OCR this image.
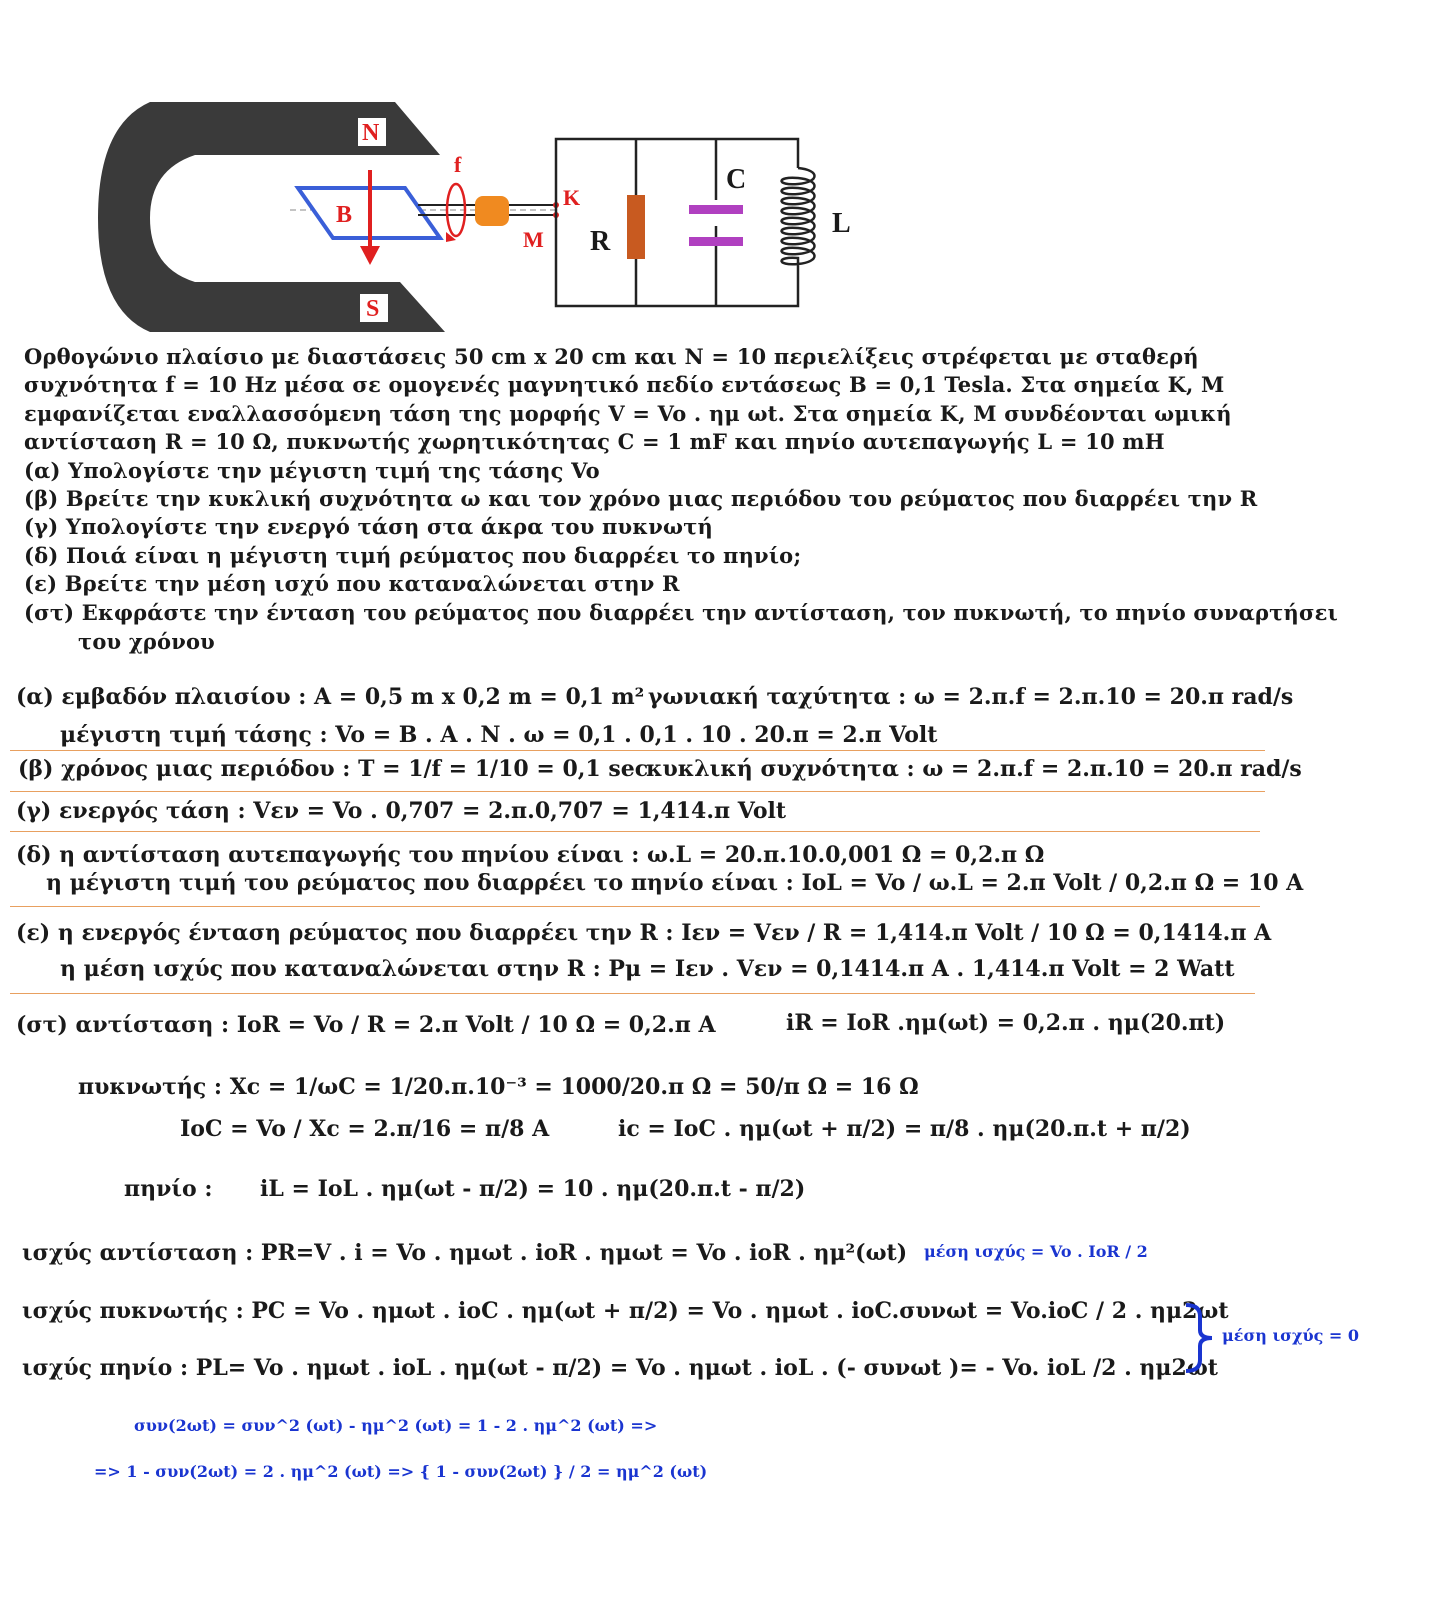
N
S
B
f
K
M R
C
L
Ορθογώνιο πλαίσιο με διαστάσεις 50 cm x 20 cm και N = 10 περιελίξεις στρέφεται με σταθερή
συχνότητα f = 10 Hz μέσα σε ομογενές μαγνητικό πεδίο εντάσεως B = 0,1 Tesla. Στα σημεία K, M
εμφανίζεται εναλλασσόμενη τάση της μορφής V = Vo . ημ ωt. Στα σημεία K, M συνδέονται ωμική
αντίσταση R = 10 Ω, πυκνωτής χωρητικότητας C = 1 mF και πηνίο αυτεπαγωγής L = 10 mH
(α) Υπολογίστε την μέγιστη τιμή της τάσης Vo
(β) Βρείτε την κυκλική συχνότητα ω και τον χρόνο μιας περιόδου του ρεύματος που διαρρέει την R
(γ) Υπολογίστε την ενεργό τάση στα άκρα του πυκνωτή
(δ) Ποιά είναι η μέγιστη τιμή ρεύματος που διαρρέει το πηνίο;
(ε) Βρείτε την μέση ισχύ που καταναλώνεται στην R
(στ) Εκφράστε την ένταση του ρεύματος που διαρρέει την αντίσταση, τον πυκνωτή, το πηνίο συναρτήσει
του χρόνου
(α) εμβαδόν πλαισίου : A = 0,5 m x 0,2 m = 0,1 m² γωνιακή ταχύτητα : ω = 2.π.f = 2.π.10 = 20.π rad/s
μέγιστη τιμή τάσης : Vo = B . A . N . ω = 0,1 . 0,1 . 10 . 20.π = 2.π Volt
(β) χρόνος μιας περιόδου : T = 1/f = 1/10 = 0,1 sec
κυκλική συχνότητα : ω = 2.π.f = 2.π.10 = 20.π rad/s
(γ) ενεργός τάση : Vεν = Vo . 0,707 = 2.π.0,707 = 1,414.π Volt
(δ) η αντίσταση αυτεπαγωγής του πηνίου είναι : ω.L = 20.π.10.0,001 Ω = 0,2.π Ω
η μέγιστη τιμή του ρεύματος που διαρρέει το πηνίο είναι : IoL = Vo / ω.L = 2.π Volt / 0,2.π Ω = 10 A
(ε) η ενεργός ένταση ρεύματος που διαρρέει την R : Iεν = Vεν / R = 1,414.π Volt / 10 Ω = 0,1414.π A
η μέση ισχύς που καταναλώνεται στην R : Pμ = Iεν . Vεν = 0,1414.π A . 1,414.π Volt = 2 Watt
(στ) αντίσταση : IoR = Vo / R = 2.π Volt / 10 Ω = 0,2.π A	iR = IoR .ημ(ωt) = 0,2.π . ημ(20.πt)
πυκνωτής : Xc = 1/ωC = 1/20.π.10⁻³ = 1000/20.π Ω = 50/π Ω = 16 Ω
IoC = Vo / Xc = 2.π/16 = π/8 A	ic = IoC . ημ(ωt + π/2) = π/8 . ημ(20.π.t + π/2)
πηνίο : iL = IoL . ημ(ωt - π/2) = 10 . ημ(20.π.t - π/2)
ισχύς αντίσταση : PR=V . i = Vo . ημωt . ioR . ημωt = Vo . ioR . ημ²(ωt) μέση ισχύς = Vo . IoR / 2
ισχύς πυκνωτής : PC = Vo . ημωt . ioC . ημ(ωt + π/2) = Vo . ημωt . ioC.συνωt = Vo.ioC / 2 . ημ2ωt
ισχύς πηνίο : PL= Vo . ημωt . ioL . ημ(ωt - π/2) = Vo . ημωt . ioL . (- συνωt )= - Vo. ioL /2 . ημ2ωt
μέση ισχύς = 0
συν(2ωt) = συν^2 (ωt) - ημ^2 (ωt) = 1 - 2 . ημ^2 (ωt) =>
=> 1 - συν(2ωt) = 2 . ημ^2 (ωt) => { 1 - συν(2ωt) } / 2 = ημ^2 (ωt)
